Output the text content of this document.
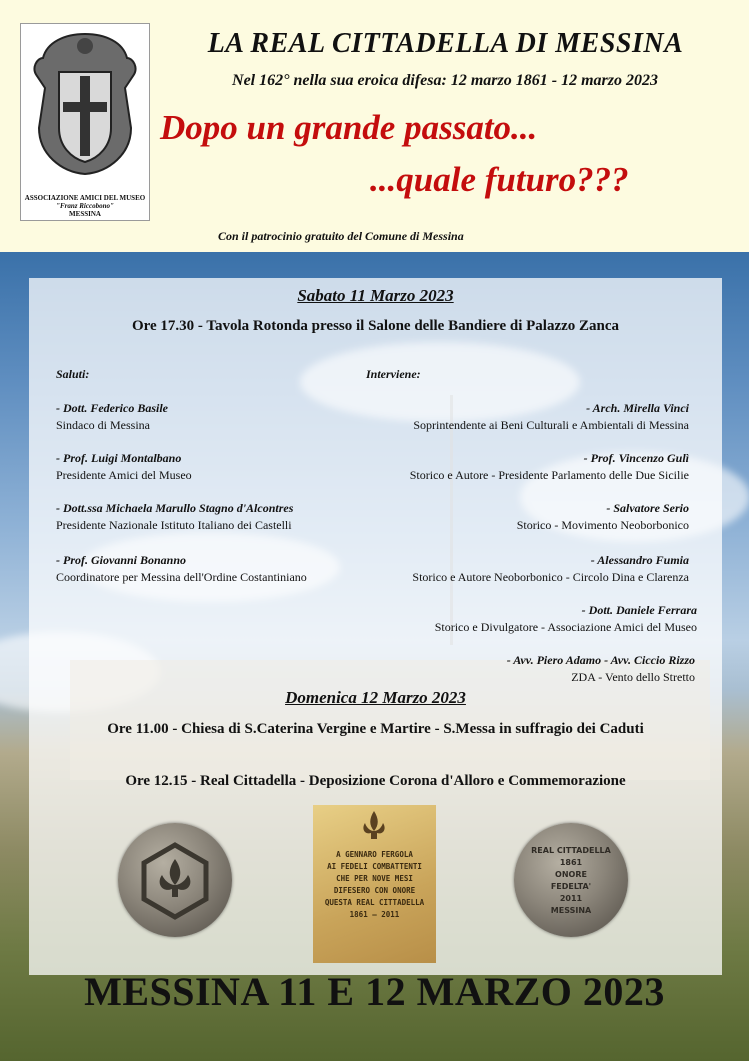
ASSOCIAZIONE AMICI DEL MUSEO
"Franz Riccobono"
MESSINA
LA REAL CITTADELLA DI MESSINA
Nel 162° nella sua eroica difesa: 12 marzo 1861 - 12 marzo 2023
Dopo un grande passato...
...quale futuro???
Con il patrocinio gratuito del Comune di Messina
Sabato 11 Marzo 2023
Ore 17.30 - Tavola Rotonda presso il Salone delle Bandiere di Palazzo Zanca
Saluti:	Interviene:
- Dott. Federico Basile
Sindaco di Messina
- Prof. Luigi Montalbano
Presidente Amici del Museo
- Dott.ssa Michaela Marullo Stagno d'Alcontres
Presidente Nazionale Istituto Italiano dei Castelli
- Prof. Giovanni Bonanno
Coordinatore per Messina dell'Ordine Costantiniano
- Arch. Mirella Vinci
Soprintendente ai Beni Culturali e Ambientali di Messina
- Prof. Vincenzo Gulì
Storico e Autore - Presidente Parlamento delle Due Sicilie
- Salvatore Serio
Storico - Movimento Neoborbonico
- Alessandro Fumia
Storico e Autore Neoborbonico - Circolo Dina e Clarenza
- Dott. Daniele Ferrara
Storico e Divulgatore - Associazione Amici del Museo
- Avv. Piero Adamo - Avv. Ciccio Rizzo
ZDA - Vento dello Stretto
Domenica 12 Marzo 2023
Ore 11.00 - Chiesa di S.Caterina Vergine e Martire - S.Messa in suffragio dei Caduti
Ore 12.15 - Real Cittadella - Deposizione Corona d'Alloro e Commemorazione
A GENNARO FERGOLA
AI FEDELI COMBATTENTI
CHE PER NOVE MESI
DIFESERO CON ONORE
QUESTA REAL CITTADELLA
1861 — 2011
REAL CITTADELLA
1861
ONORE
FEDELTA'
2011
MESSINA
MESSINA 11 E 12 MARZO 2023
